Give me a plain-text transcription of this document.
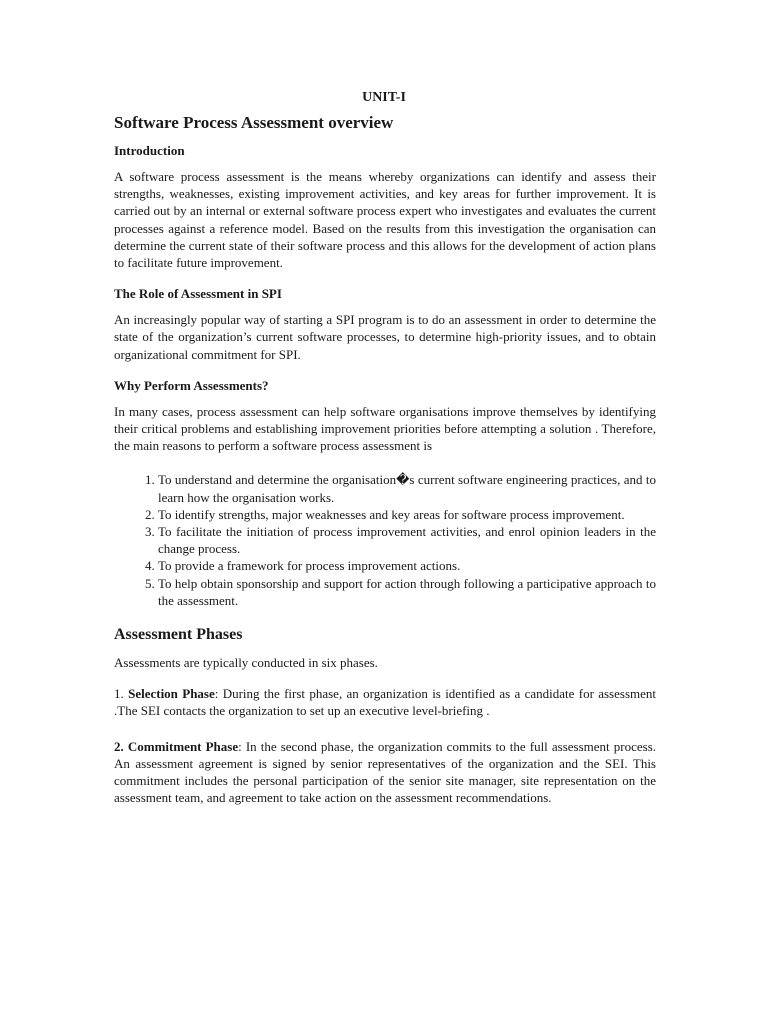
UNIT-I
Software Process Assessment overview
Introduction

A software process assessment is the means whereby organizations can identify and assess their strengths, weaknesses, existing improvement activities, and key areas for further improvement. It is carried out by an internal or external software process expert who investigates and evaluates the current processes against a reference model. Based on the results from this investigation the organisation can determine the current state of their software process and this allows for the development of action plans to facilitate future improvement.

The Role of Assessment in SPI

An increasingly popular way of starting a SPI program is to do an assessment in order to determine the state of the organization’s current software processes, to determine high-priority issues, and to obtain organizational commitment for SPI.

Why Perform Assessments?

In many cases, process assessment can help software organisations improve themselves by identifying their critical problems and establishing improvement priorities before attempting a solution . Therefore, the main reasons to perform a software process assessment is

1. To understand and determine the organisation�s current software engineering practices, and to learn how the organisation works.
2. To identify strengths, major weaknesses and key areas for software process improvement.
3. To facilitate the initiation of process improvement activities, and enrol opinion leaders in the change process.
4. To provide a framework for process improvement actions.
5. To help obtain sponsorship and support for action through following a participative approach to the assessment.
Assessment Phases

Assessments are typically conducted in six phases.

1. Selection Phase: During the first phase, an organization is identified as a candidate for assessment .The SEI contacts the organization to set up an executive level-briefing .

2. Commitment Phase: In the second phase, the organization commits to the full assessment process. An assessment agreement is signed by senior representatives of the organization and the SEI. This commitment includes the personal participation of the senior site manager, site representation on the assessment team, and agreement to take action on the assessment recommendations.
